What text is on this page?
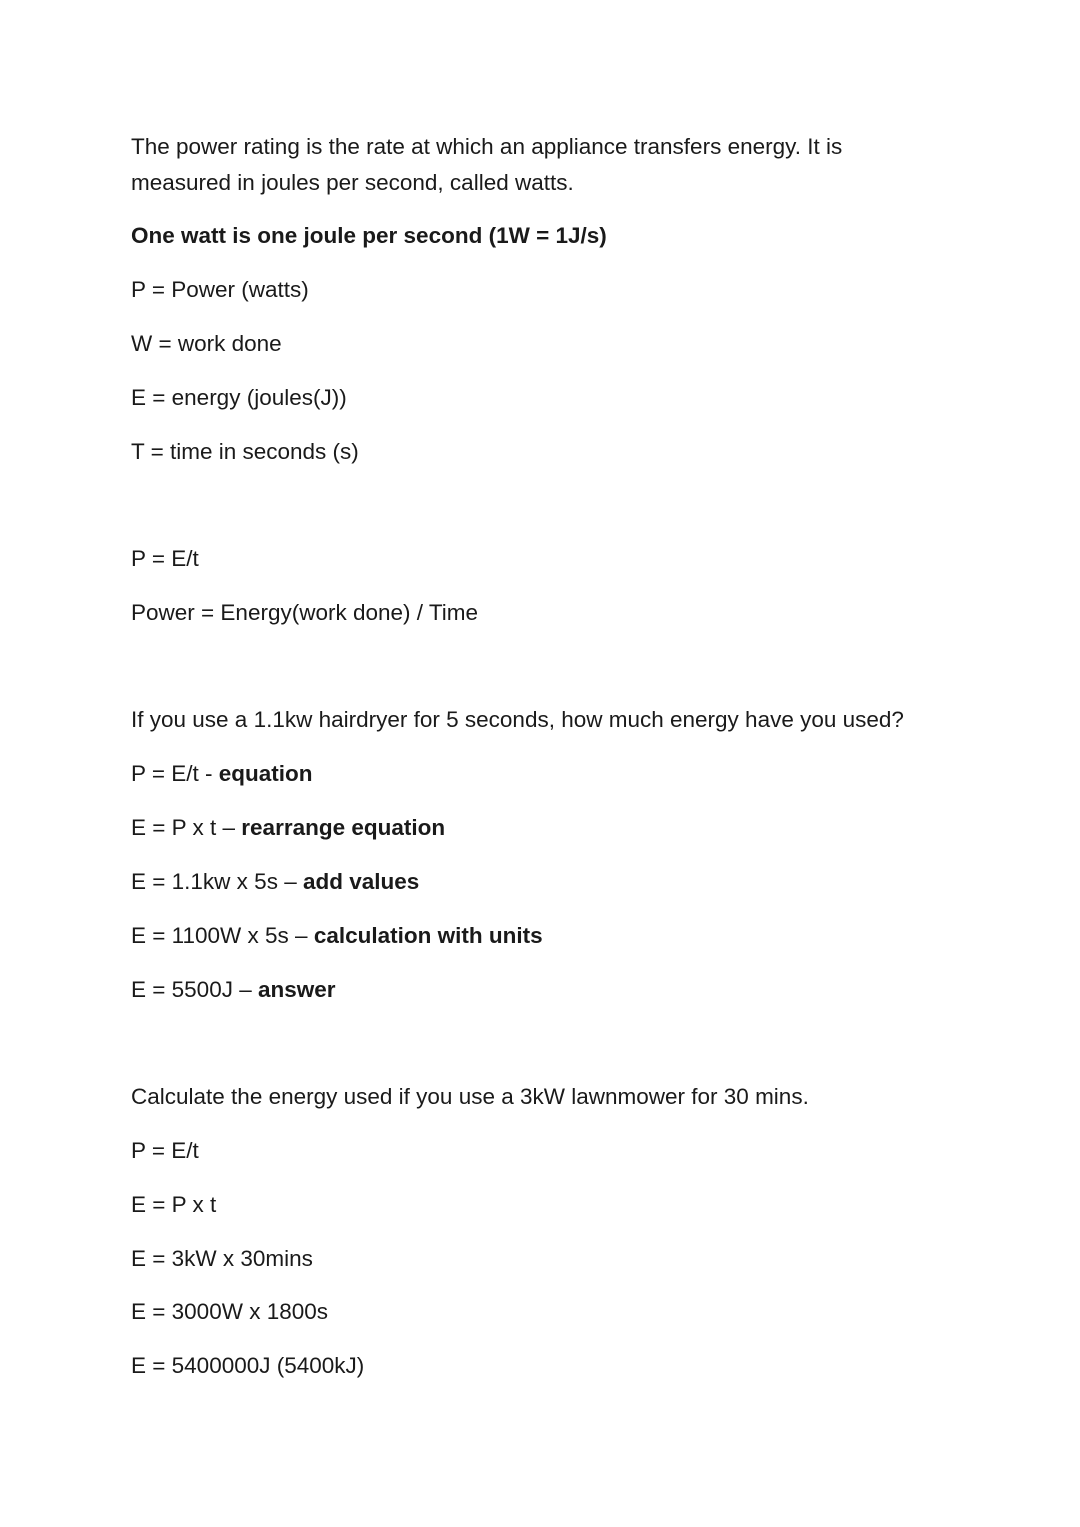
The power rating is the rate at which an appliance transfers energy. It is

measured in joules per second, called watts.

One watt is one joule per second (1W = 1J/s)

P = Power (watts)

W = work done

E = energy (joules(J))

T = time in seconds (s)

P = E/t

Power = Energy(work done) / Time

If you use a 1.1kw hairdryer for 5 seconds, how much energy have you used?

P = E/t - equation

E = P x t – rearrange equation

E = 1.1kw x 5s – add values

E = 1100W x 5s – calculation with units

E = 5500J – answer

Calculate the energy used if you use a 3kW lawnmower for 30 mins.

P = E/t

E = P x t

E = 3kW x 30mins

E = 3000W x 1800s

E = 5400000J (5400kJ)
